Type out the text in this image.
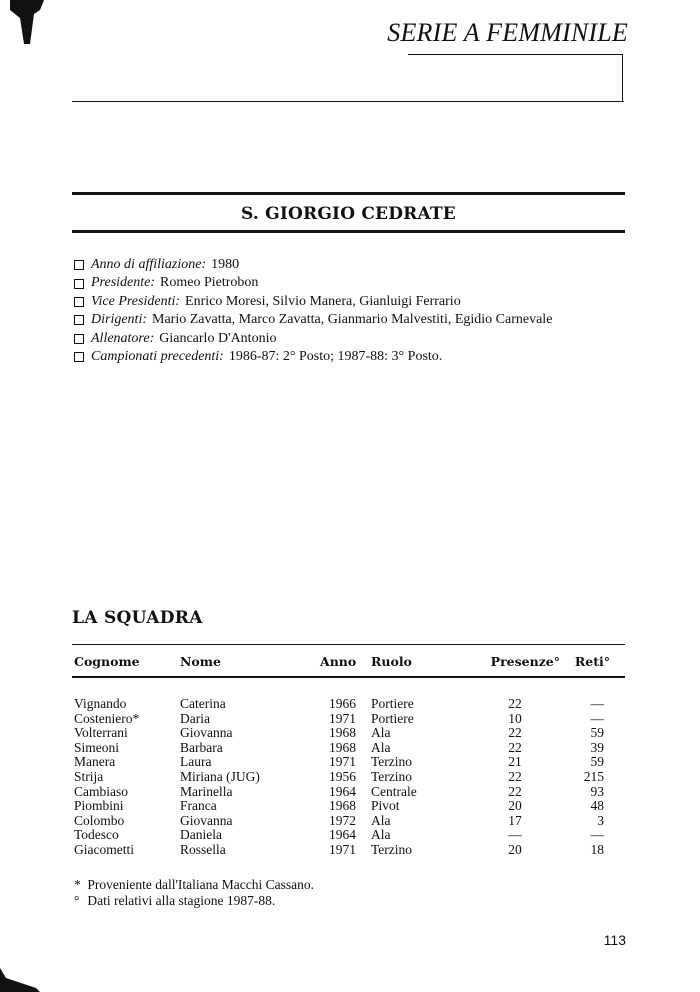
SERIE A FEMMINILE
S. GIORGIO CEDRATE
Anno di affiliazione: 1980
Presidente: Romeo Pietrobon
Vice Presidenti: Enrico Moresi, Silvio Manera, Gianluigi Ferrario
Dirigenti: Mario Zavatta, Marco Zavatta, Gianmario Malvestiti, Egidio Carnevale
Allenatore: Giancarlo D'Antonio
Campionati precedenti: 1986-87: 2° Posto; 1987-88: 3° Posto.
LA SQUADRA
Cognome	Nome	Anno Ruolo	Presenze°	Reti°
Vignando	Caterina	1966 Portiere	22	—
Costeniero*	Daria	1971 Portiere	10	—
Volterrani	Giovanna	1968 Ala	22	59
Simeoni	Barbara	1968 Ala	22	39
Manera	Laura	1971 Terzino	21	59
Strija	Miriana (JUG)	1956 Terzino	22	215
Cambiaso	Marinella	1964 Centrale	22	93
Piombini	Franca	1968 Pivot	20	48
Colombo	Giovanna	1972 Ala	17	3
Todesco	Daniela	1964 Ala	—	—
Giacometti	Rossella	1971 Terzino	20	18
* Proveniente dall'Italiana Macchi Cassano.
° Dati relativi alla stagione 1987-88.
113
